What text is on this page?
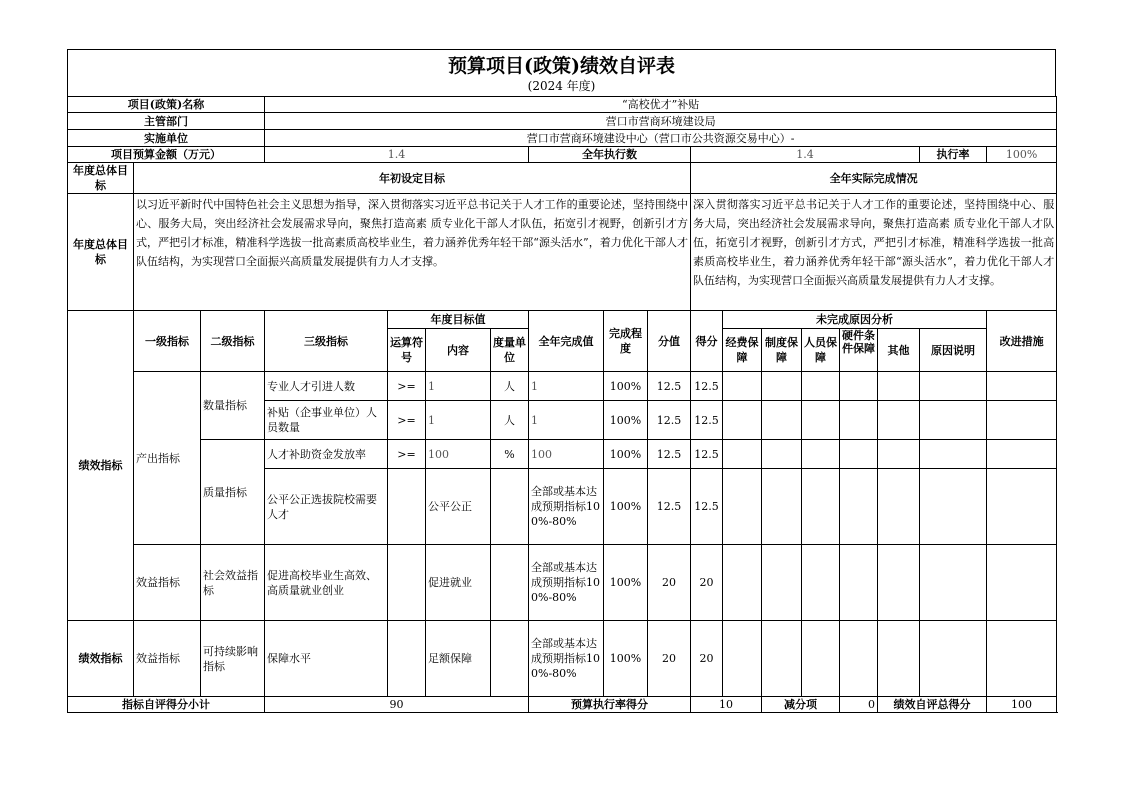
预算项目(政策)绩效自评表
(2024 年度)
项目(政策)名称			“高校优才”补贴														
主管部门			营口市营商环境建设局														
实施单位			营口市营商环境建设中心（营口市公共资源交易中心）-														
项目预算金额（万元）			1.4				全年执行数			1.4						执行率	100%
年度总体目标	年初设定目标									全年实际完成情况							
年度总体目标	以习近平新时代中国特色社会主义思想为指导，深入贯彻落实习近平总书记关于人才工作的重要论述，坚持围绕中心、服务大局，突出经济社会发展需求导向，聚焦打造高素 质专业化干部人才队伍，拓宽引才视野，创新引才方式，严把引才标准，精准科学选拔一批高素质高校毕业生，着力涵养优秀年轻干部“源头活水”，着力优化干部人才队伍结构，为实现营口全面振兴高质量发展提供有力人才支撑。									深入贯彻落实习近平总书记关于人才工作的重要论述，坚持围绕中心、服务大局，突出经济社会发展需求导向，聚焦打造高素 质专业化干部人才队伍，拓宽引才视野，创新引才方式，严把引才标准，精准科学选拔一批高素质高校毕业生，着力涵养优秀年轻干部“源头活水”，着力优化干部人才队伍结构，为实现营口全面振兴高质量发展提供有力人才支撑。							
绩效指标	一级指标	二级指标	三级指标	年度目标值			全年完成值	完成程度	分值	得分	未完成原因分析						改进措施
				运算符号	内容	度量单位					经费保障	制度保障	人员保障	硬件条件保障	其他	原因说明	
	产出指标	数量指标	专业人才引进人数	>=	1	人	1	100%	12.5	12.5							
			补贴（企事业单位）人员数量	>=	1	人	1	100%	12.5	12.5							
		质量指标	人才补助资金发放率	>=	100	%	100	100%	12.5	12.5							
			公平公正选拔院校需要人才		公平公正		全部或基本达成预期指标100%-80%	100%	12.5	12.5							
	效益指标	社会效益指标	促进高校毕业生高效、高质量就业创业		促进就业		全部或基本达成预期指标100%-80%	100%	20	20							
绩效指标	效益指标	可持续影响指标	保障水平		足额保障		全部或基本达成预期指标100%-80%	100%	20	20							
指标自评得分小计			90				预算执行率得分			10		减分项		0	绩效自评总得分		100
